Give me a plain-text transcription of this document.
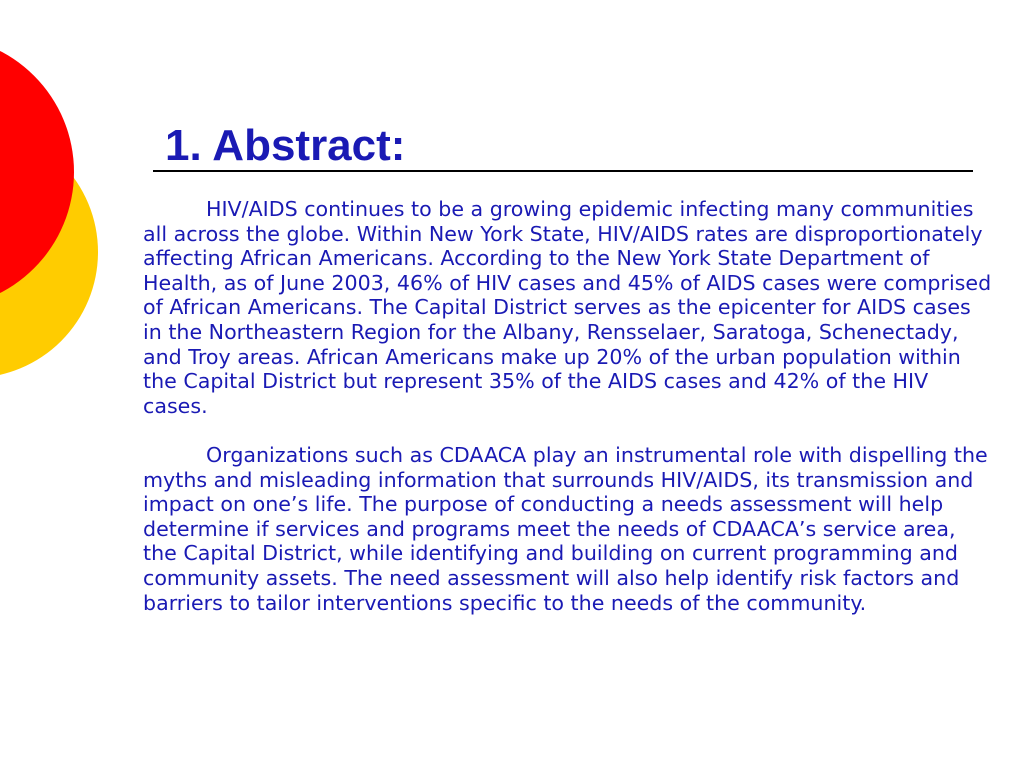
1. Abstract:

HIV/AIDS continues to be a growing epidemic infecting many communities all across the globe. Within New York State, HIV/AIDS rates are disproportionately affecting African Americans. According to the New York State Department of Health, as of June 2003, 46% of HIV cases and 45% of AIDS cases were comprised of African Americans. The Capital District serves as the epicenter for AIDS cases in the Northeastern Region for the Albany, Rensselaer, Saratoga, Schenectady, and Troy areas. African Americans make up 20% of the urban population within the Capital District but represent 35% of the AIDS cases and 42% of the HIV cases.

Organizations such as CDAACA play an instrumental role with dispelling the myths and misleading information that surrounds HIV/AIDS, its transmission and impact on one’s life. The purpose of conducting a needs assessment will help determine if services and programs meet the needs of CDAACA’s service area, the Capital District, while identifying and building on current programming and community assets. The need assessment will also help identify risk factors and barriers to tailor interventions specific to the needs of the community.
